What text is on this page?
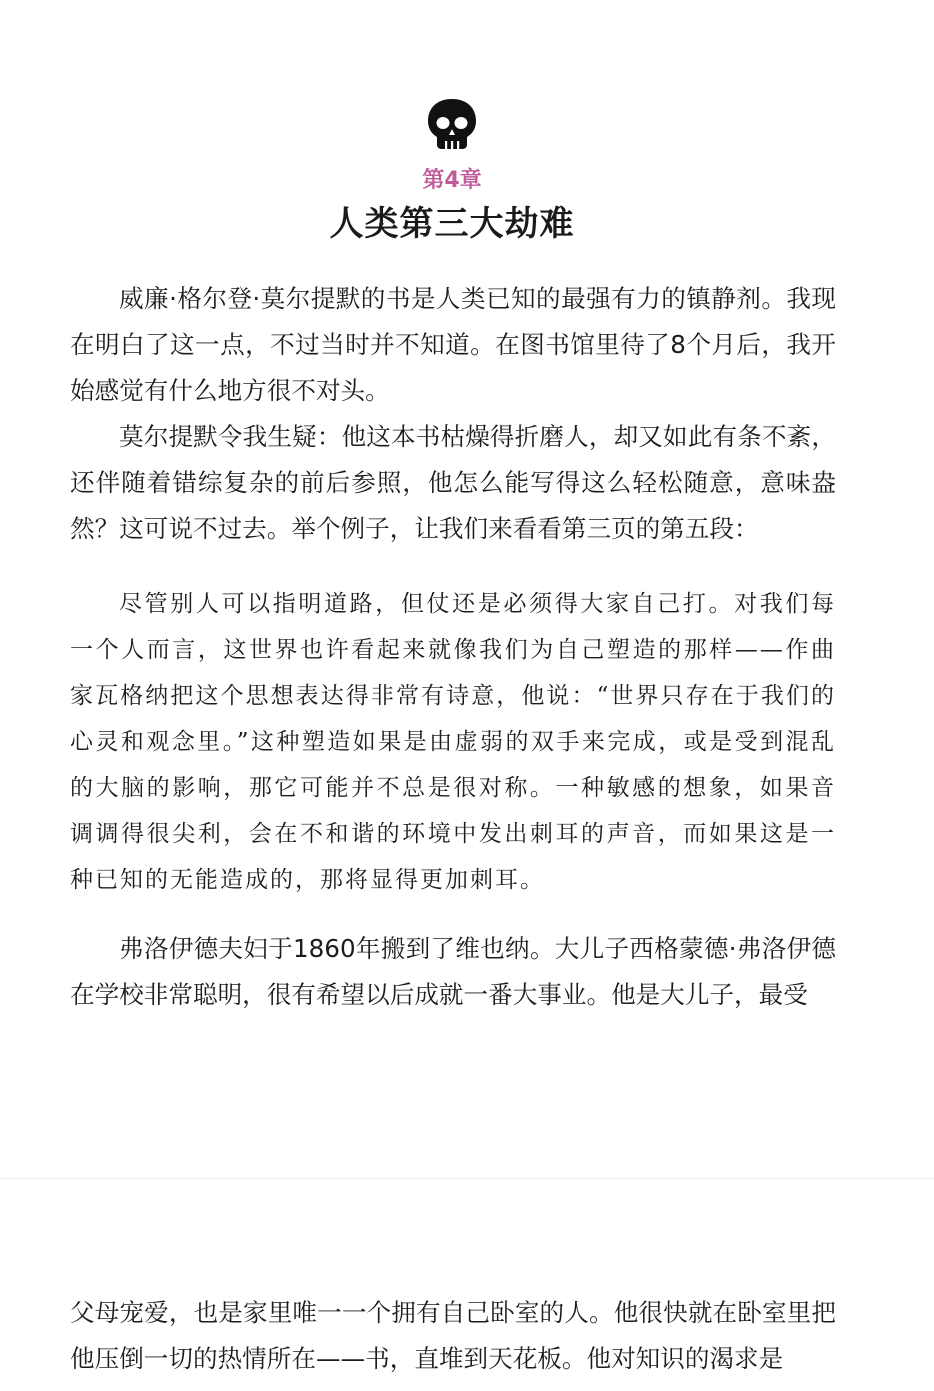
第4章
人类第三大劫难

威廉·格尔登·莫尔提默的书是人类已知的最强有力的镇静剂。我现在明白了这一点，不过当时并不知道。在图书馆里待了8个月后，我开始感觉有什么地方很不对头。

莫尔提默令我生疑：他这本书枯燥得折磨人，却又如此有条不紊，还伴随着错综复杂的前后参照，他怎么能写得这么轻松随意，意味盎然？这可说不过去。举个例子，让我们来看看第三页的第五段：

尽管别人可以指明道路，但仗还是必须得大家自己打。对我们每一个人而言，这世界也许看起来就像我们为自己塑造的那样——作曲家瓦格纳把这个思想表达得非常有诗意，他说：“世界只存在于我们的心灵和观念里。”这种塑造如果是由虚弱的双手来完成，或是受到混乱的大脑的影响，那它可能并不总是很对称。一种敏感的想象，如果音调调得很尖利，会在不和谐的环境中发出刺耳的声音，而如果这是一种已知的无能造成的，那将显得更加刺耳。

弗洛伊德夫妇于1860年搬到了维也纳。大儿子西格蒙德·弗洛伊德在学校非常聪明，很有希望以后成就一番大事业。他是大儿子，最受

父母宠爱，也是家里唯一一个拥有自己卧室的人。他很快就在卧室里把他压倒一切的热情所在——书，直堆到天花板。他对知识的渴求是
